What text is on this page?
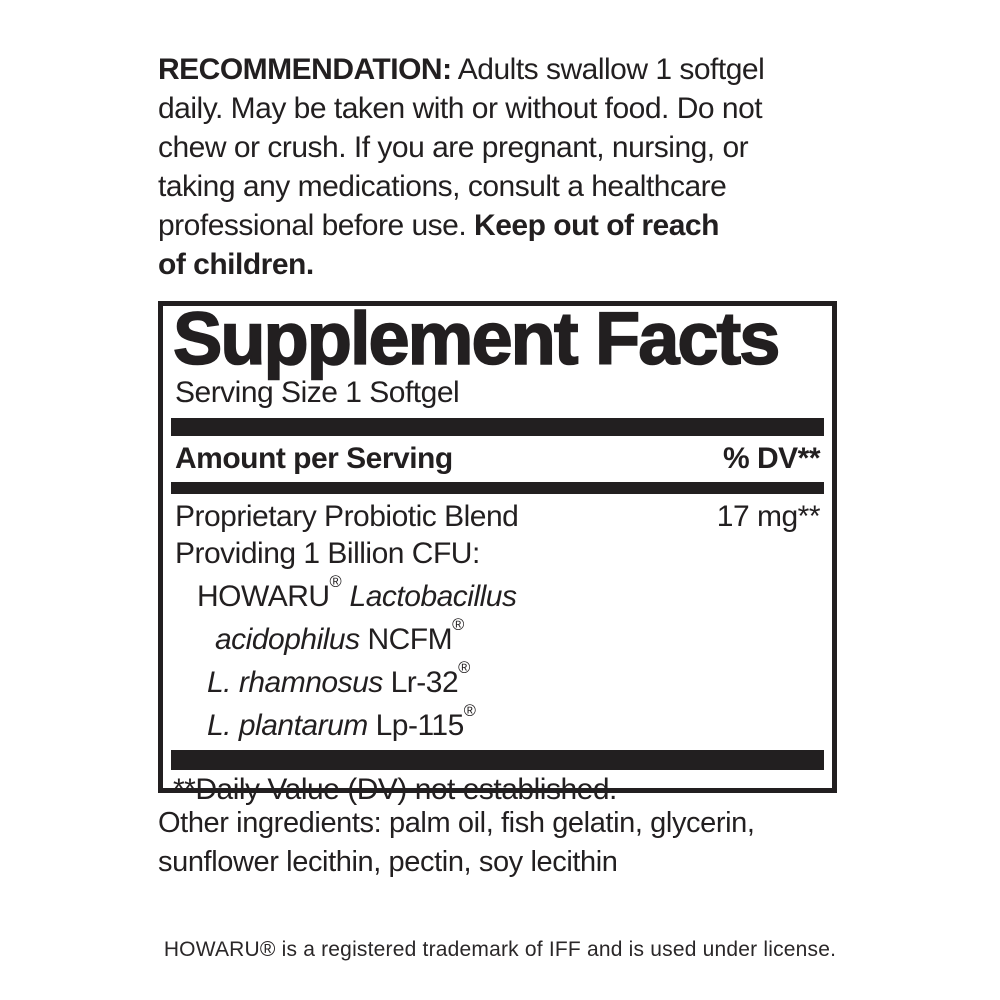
RECOMMENDATION: Adults swallow 1 softgel
daily. May be taken with or without food. Do not
chew or crush. If you are pregnant, nursing, or
taking any medications, consult a healthcare
professional before use. Keep out of reach
of children.

Supplement Facts
Serving Size 1 Softgel
Amount per Serving	% DV**
Proprietary Probiotic Blend	17 mg**
Providing 1 Billion CFU:
HOWARU® Lactobacillus
acidophilus NCFM®
L. rhamnosus Lr-32®
L. plantarum Lp-115®
**Daily Value (DV) not established.

Other ingredients: palm oil, fish gelatin, glycerin,
sunflower lecithin, pectin, soy lecithin

HOWARU® is a registered trademark of IFF and is used under license.
